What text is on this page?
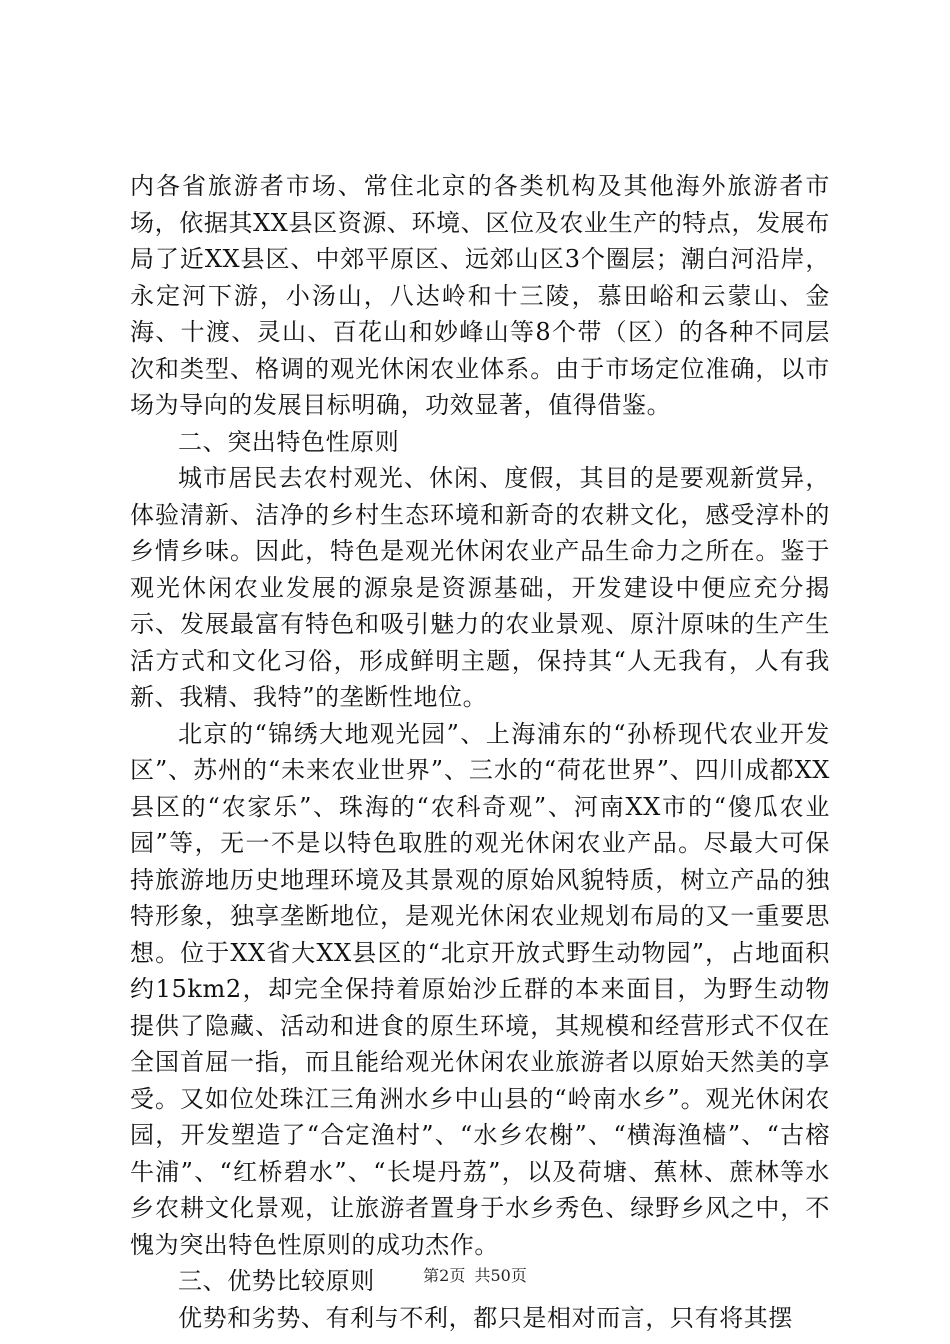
内各省旅游者市场、常住北京的各类机构及其他海外旅游者市场，依据其XX县区资源、环境、区位及农业生产的特点，发展布局了近XX县区、中郊平原区、远郊山区3个圈层；潮白河沿岸，永定河下游，小汤山，八达岭和十三陵，慕田峪和云蒙山、金海、十渡、灵山、百花山和妙峰山等8个带（区）的各种不同层次和类型、格调的观光休闲农业体系。由于市场定位准确，以市场为导向的发展目标明确，功效显著，值得借鉴。

二、突出特色性原则

城市居民去农村观光、休闲、度假，其目的是要观新赏异，体验清新、洁净的乡村生态环境和新奇的农耕文化，感受淳朴的乡情乡味。因此，特色是观光休闲农业产品生命力之所在。鉴于观光休闲农业发展的源泉是资源基础，开发建设中便应充分揭示、发展最富有特色和吸引魅力的农业景观、原汁原味的生产生活方式和文化习俗，形成鲜明主题，保持其“人无我有，人有我新、我精、我特”的垄断性地位。

北京的“锦绣大地观光园”、上海浦东的“孙桥现代农业开发区”、苏州的“未来农业世界”、三水的“荷花世界”、四川成都XX县区的“农家乐”、珠海的“农科奇观”、河南XX市的“傻瓜农业园”等，无一不是以特色取胜的观光休闲农业产品。尽最大可保持旅游地历史地理环境及其景观的原始风貌特质，树立产品的独特形象，独享垄断地位，是观光休闲农业规划布局的又一重要思想。位于XX省大XX县区的“北京开放式野生动物园”，占地面积约15km2，却完全保持着原始沙丘群的本来面目，为野生动物提供了隐藏、活动和进食的原生环境，其规模和经营形式不仅在全国首屈一指，而且能给观光休闲农业旅游者以原始天然美的享受。又如位处珠江三角洲水乡中山县的“岭南水乡”。观光休闲农园，开发塑造了“合定渔村”、“水乡农榭”、“横海渔樯”、“古榕牛浦”、“红桥碧水”、“长堤丹荔”，以及荷塘、蕉林、蔗林等水乡农耕文化景观，让旅游者置身于水乡秀色、绿野乡风之中，不愧为突出特色性原则的成功杰作。

三、优势比较原则

优势和劣势、有利与不利，都只是相对而言，只有将其摆

第2页 共50页
